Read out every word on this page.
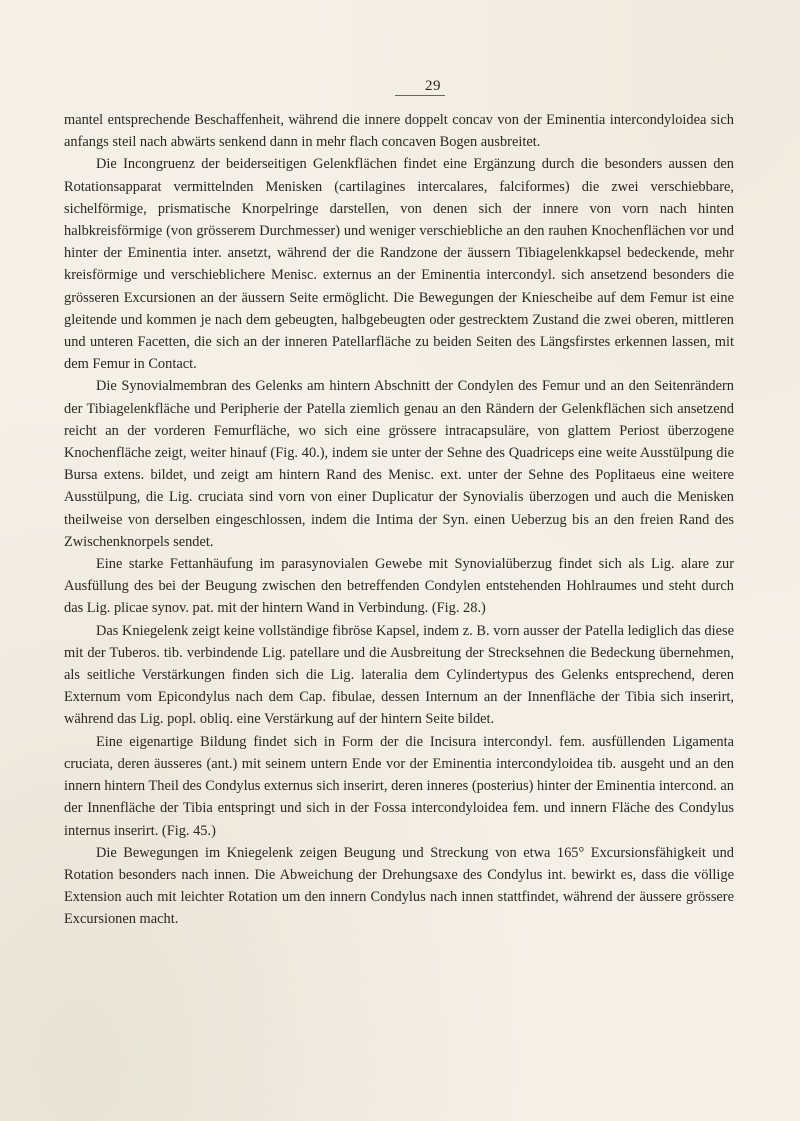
29

mantel entsprechende Beschaffenheit, während die innere doppelt concav von der Eminentia intercondyloidea sich anfangs steil nach abwärts senkend dann in mehr flach concaven Bogen ausbreitet.

Die Incongruenz der beiderseitigen Gelenkflächen findet eine Ergänzung durch die besonders aussen den Rotationsapparat vermittelnden Menisken (cartilagines intercalares, falciformes) die zwei verschiebbare, sichelförmige, prismatische Knorpelringe darstellen, von denen sich der innere von vorn nach hinten halbkreisförmige (von grösserem Durchmesser) und weniger verschiebliche an den rauhen Knochenflächen vor und hinter der Eminentia inter. ansetzt, während der die Randzone der äussern Tibiagelenkkapsel bedeckende, mehr kreisförmige und verschieblichere Menisc. externus an der Eminentia intercondyl. sich ansetzend besonders die grösseren Excursionen an der äussern Seite ermöglicht. Die Bewegungen der Kniescheibe auf dem Femur ist eine gleitende und kommen je nach dem gebeugten, halbgebeugten oder gestrecktem Zustand die zwei oberen, mittleren und unteren Facetten, die sich an der inneren Patellarfläche zu beiden Seiten des Längsfirstes erkennen lassen, mit dem Femur in Contact.

Die Synovialmembran des Gelenks am hintern Abschnitt der Condylen des Femur und an den Seitenrändern der Tibiagelenkfläche und Peripherie der Patella ziemlich genau an den Rändern der Gelenkflächen sich ansetzend reicht an der vorderen Femurfläche, wo sich eine grössere intracapsuläre, von glattem Periost überzogene Knochenfläche zeigt, weiter hinauf (Fig. 40.), indem sie unter der Sehne des Quadriceps eine weite Ausstülpung die Bursa extens. bildet, und zeigt am hintern Rand des Menisc. ext. unter der Sehne des Poplitaeus eine weitere Ausstülpung, die Lig. cruciata sind vorn von einer Duplicatur der Synovialis überzogen und auch die Menisken theilweise von derselben eingeschlossen, indem die Intima der Syn. einen Ueberzug bis an den freien Rand des Zwischenknorpels sendet.

Eine starke Fettanhäufung im parasynovialen Gewebe mit Synovialüberzug findet sich als Lig. alare zur Ausfüllung des bei der Beugung zwischen den betreffenden Condylen entstehenden Hohlraumes und steht durch das Lig. plicae synov. pat. mit der hintern Wand in Verbindung. (Fig. 28.)

Das Kniegelenk zeigt keine vollständige fibröse Kapsel, indem z. B. vorn ausser der Patella lediglich das diese mit der Tuberos. tib. verbindende Lig. patellare und die Ausbreitung der Strecksehnen die Bedeckung übernehmen, als seitliche Verstärkungen finden sich die Lig. lateralia dem Cylindertypus des Gelenks entsprechend, deren Externum vom Epicondylus nach dem Cap. fibulae, dessen Internum an der Innenfläche der Tibia sich inserirt, während das Lig. popl. obliq. eine Verstärkung auf der hintern Seite bildet.

Eine eigenartige Bildung findet sich in Form der die Incisura intercondyl. fem. ausfüllenden Ligamenta cruciata, deren äusseres (ant.) mit seinem untern Ende vor der Eminentia intercondyloidea tib. ausgeht und an den innern hintern Theil des Condylus externus sich inserirt, deren inneres (posterius) hinter der Eminentia intercond. an der Innenfläche der Tibia entspringt und sich in der Fossa intercondyloidea fem. und innern Fläche des Condylus internus inserirt. (Fig. 45.)

Die Bewegungen im Kniegelenk zeigen Beugung und Streckung von etwa 165° Excursionsfähigkeit und Rotation besonders nach innen. Die Abweichung der Drehungsaxe des Condylus int. bewirkt es, dass die völlige Extension auch mit leichter Rotation um den innern Condylus nach innen stattfindet, während der äussere grössere Excursionen macht.
